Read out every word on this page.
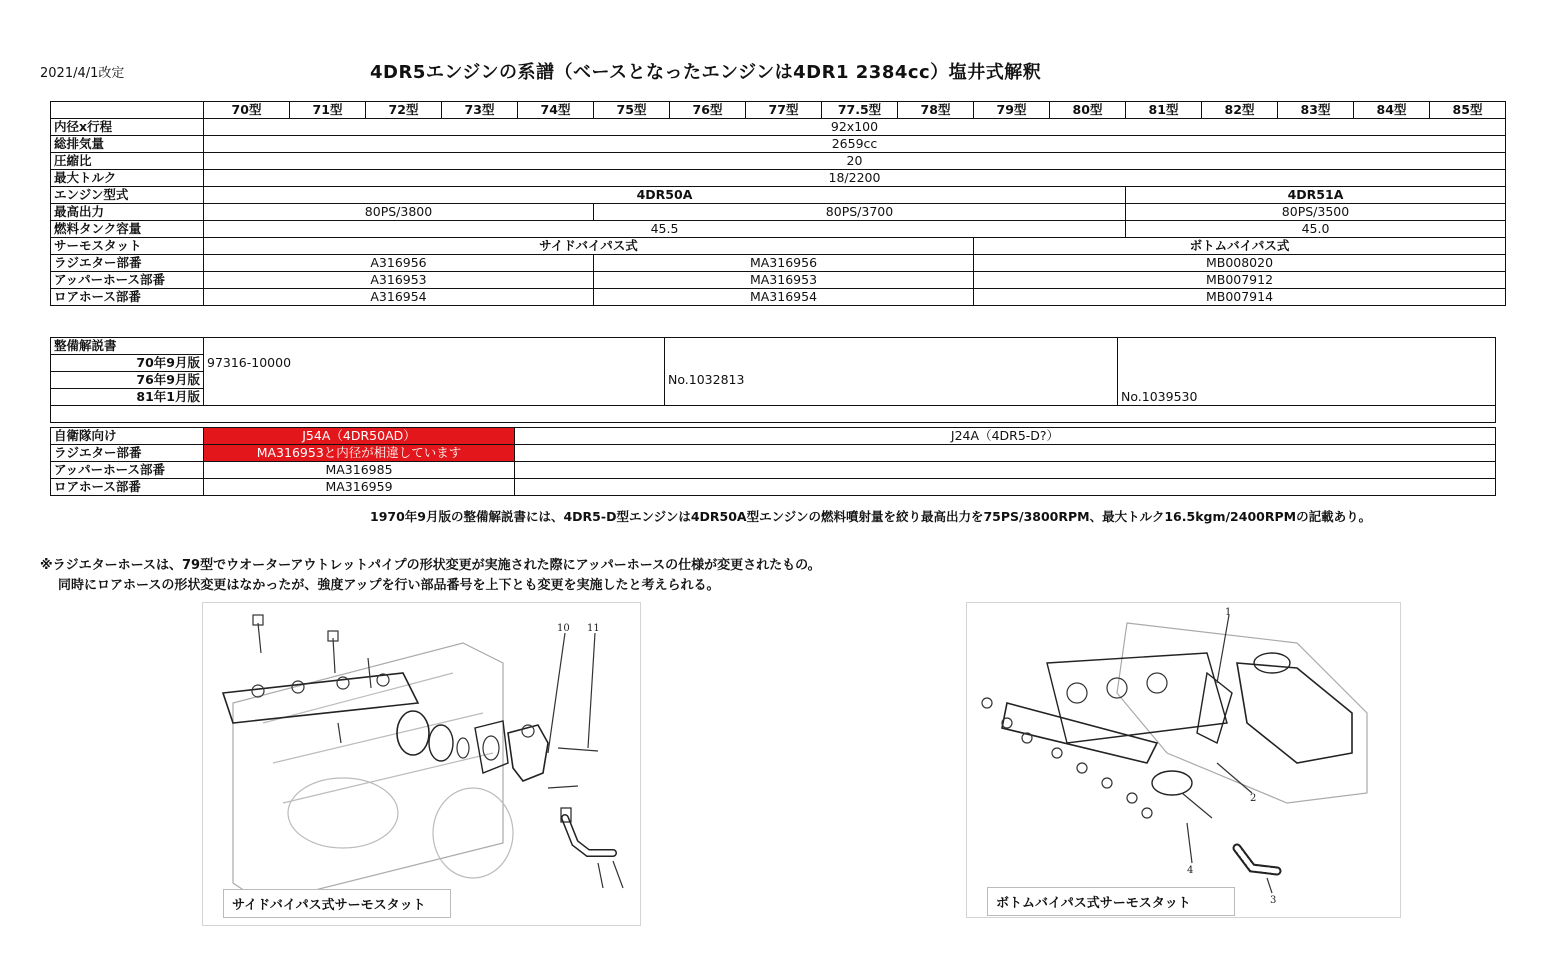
2021/4/1改定	4DR5エンジンの系譜（ベースとなったエンジンは4DR1 2384cc）塩井式解釈
	70型	71型	72型	73型	74型	75型	76型	77型	77.5型	78型	79型	80型	81型	82型	83型	84型	85型
内径x行程	92x100																
総排気量	2659cc																
圧縮比	20																
最大トルク	18/2200																
エンジン型式	4DR50A												4DR51A				
最高出力	80PS/3800					80PS/3700							80PS/3500				
燃料タンク容量	45.5												45.0				
サーモスタット	サイドバイパス式										ボトムバイパス式						
ラジエター部番	A316956					MA316956					MB008020						
アッパーホース部番	A316953					MA316953					MB007912						
ロアホース部番	A316954					MA316954					MB007914						
整備解説書			
70年9月版	97316-10000		
76年9月版		No.1032813	
81年1月版			No.1039530

自衛隊向け	J54A（4DR50AD）	J24A（4DR5-D?）
ラジエター部番	MA316953と内径が相違しています	
アッパーホース部番	MA316985	
ロアホース部番	MA316959	
1970年9月版の整備解説書には、4DR5-D型エンジンは4DR50A型エンジンの燃料噴射量を絞り最高出力を75PS/3800RPM、最大トルク16.5kgm/2400RPMの記載あり。
※ラジエターホースは、79型でウオーターアウトレットパイプの形状変更が実施された際にアッパーホースの仕様が変更されたもの。
同時にロアホースの形状変更はなかったが、強度アップを行い部品番号を上下とも変更を実施したと考えられる。
10 11
サイドバイパス式サーモスタット
1
2
3
4
ボトムバイパス式サーモスタット
